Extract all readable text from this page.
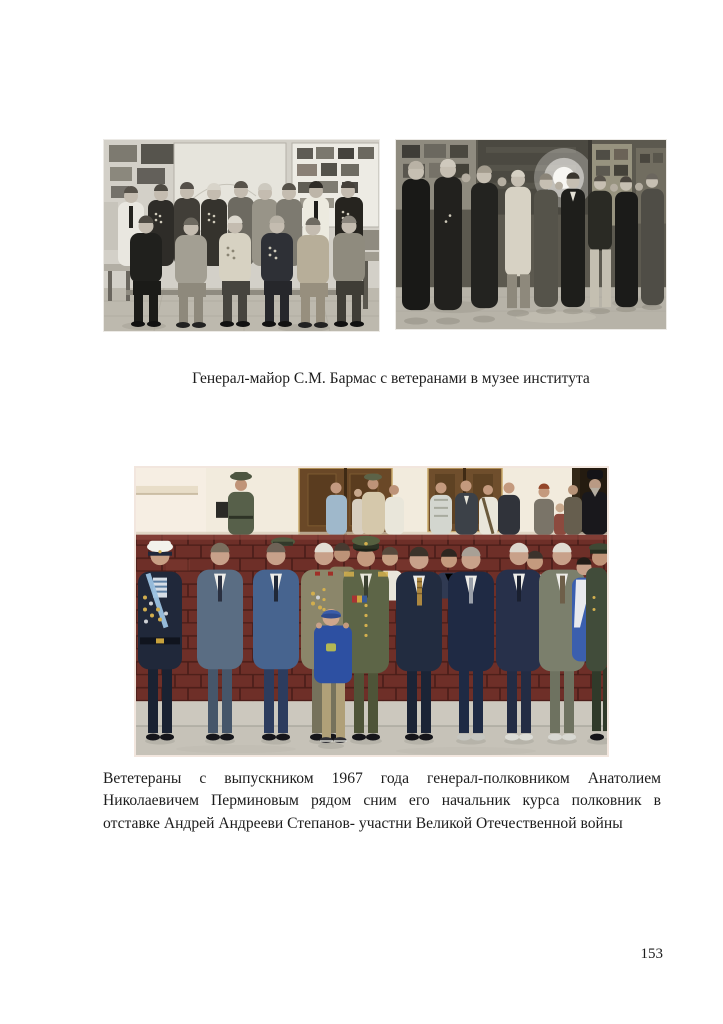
Генерал-майор С.М. Бармас с ветеранами в музее института
Вететераны с выпускником 1967 года генерал-полковником Анатолием
Николаевичем Перминовым рядом сним его начальник курса полковник в
отставке Андрей Андрееви Степанов- участни Великой Отечественной войны
153
